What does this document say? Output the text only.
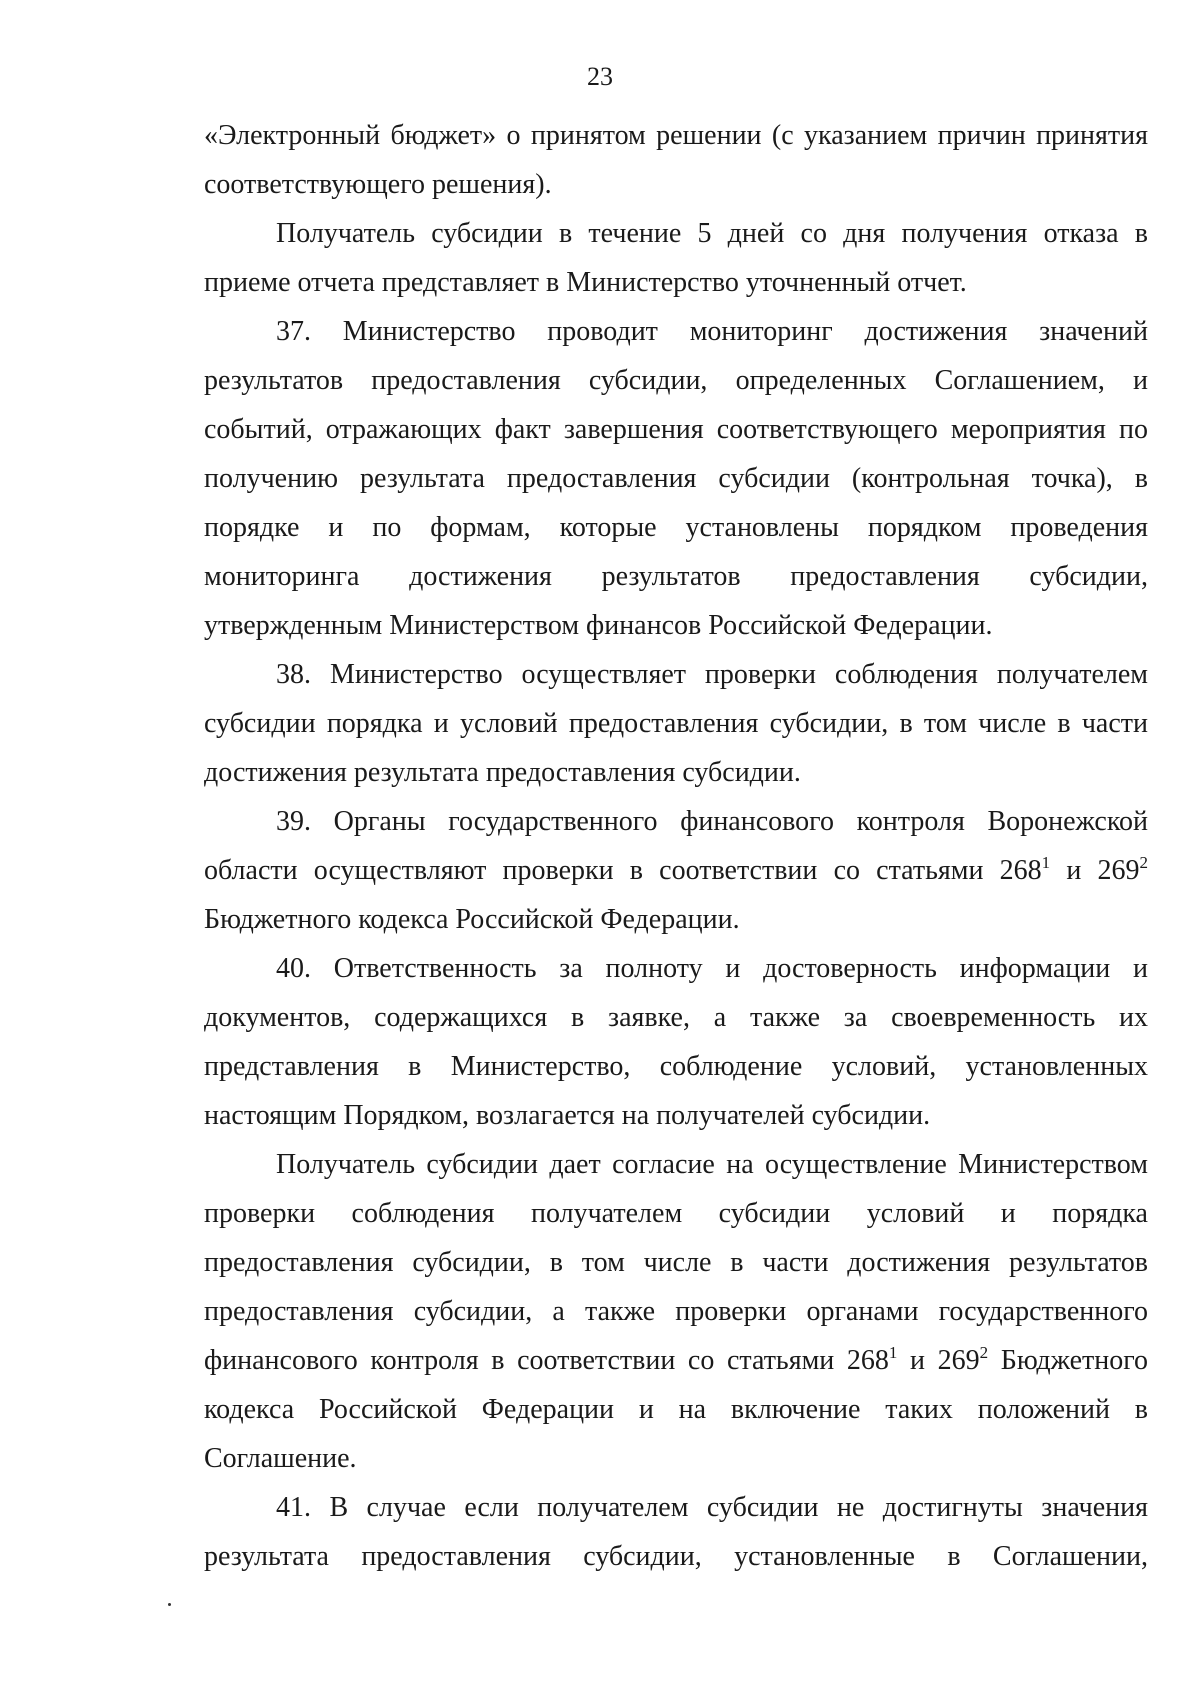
23

«Электронный бюджет» о принятом решении (с указанием причин принятия соответствующего решения).

Получатель субсидии в течение 5 дней со дня получения отказа в приеме отчета представляет в Министерство уточненный отчет.

37. Министерство проводит мониторинг достижения значений результатов предоставления субсидии, определенных Соглашением, и событий, отражающих факт завершения соответствующего мероприятия по получению результата предоставления субсидии (контрольная точка), в порядке и по формам, которые установлены порядком проведения мониторинга достижения результатов предоставления субсидии, утвержденным Министерством финансов Российской Федерации.

38. Министерство осуществляет проверки соблюдения получателем субсидии порядка и условий предоставления субсидии, в том числе в части достижения результата предоставления субсидии.

39. Органы государственного финансового контроля Воронежской области осуществляют проверки в соответствии со статьями $268^1$ и $269^2$ Бюджетного кодекса Российской Федерации.

40. Ответственность за полноту и достоверность информации и документов, содержащихся в заявке, а также за своевременность их представления в Министерство, соблюдение условий, установленных настоящим Порядком, возлагается на получателей субсидии.

Получатель субсидии дает согласие на осуществление Министерством проверки соблюдения получателем субсидии условий и порядка предоставления субсидии, в том числе в части достижения результатов предоставления субсидии, а также проверки органами государственного финансового контроля в соответствии со статьями $268^1$ и $269^2$ Бюджетного кодекса Российской Федерации и на включение таких положений в Соглашение.

41. В случае если получателем субсидии не достигнуты значения результата предоставления субсидии, установленные в Соглашении,
